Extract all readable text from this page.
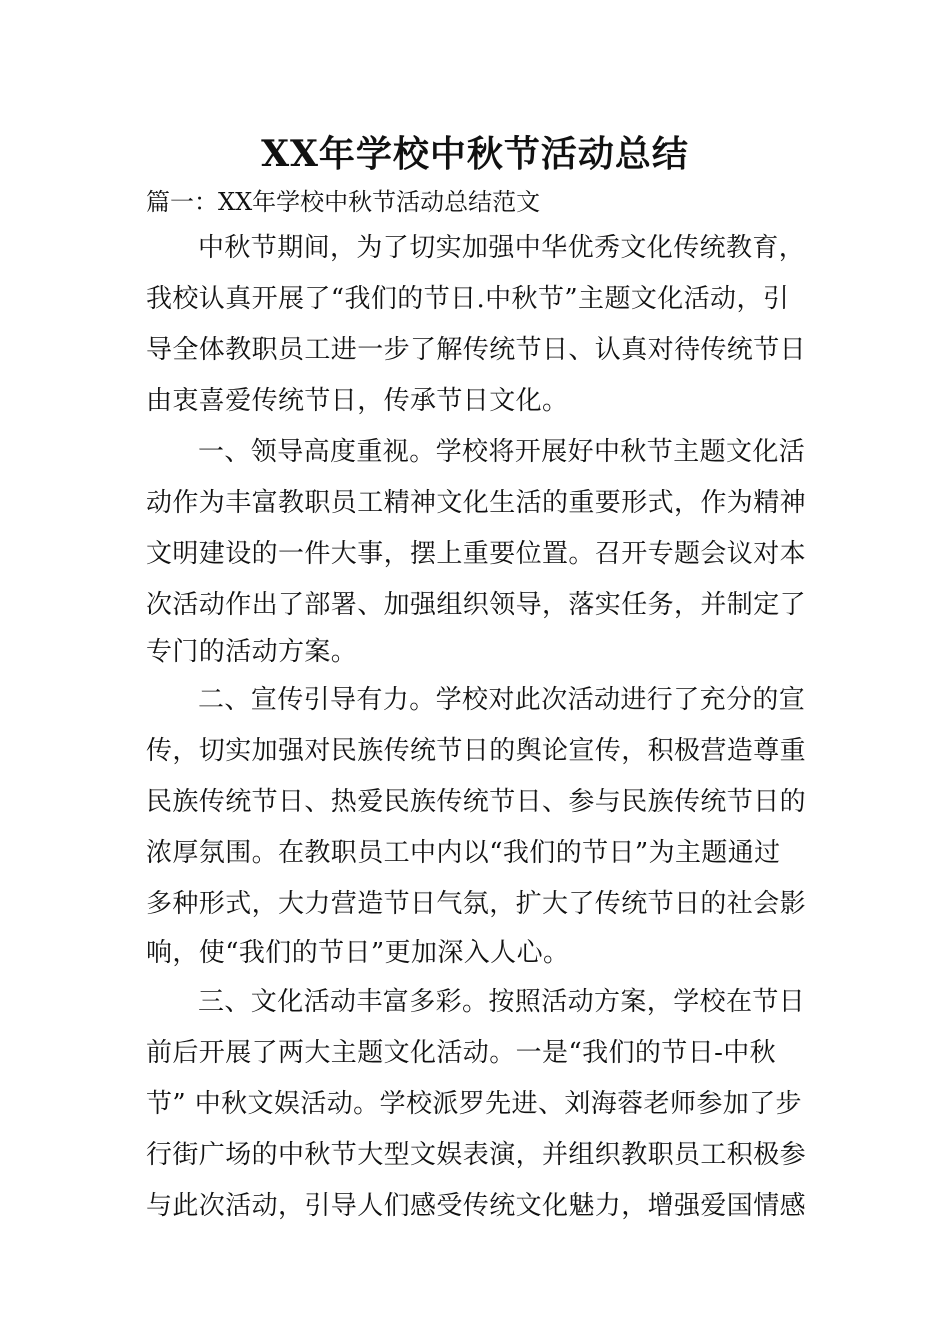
XX年学校中秋节活动总结
篇一：XX年学校中秋节活动总结范文
中秋节期间，为了切实加强中华优秀文化传统教育，
我校认真开展了“我们的节日.中秋节”主题文化活动，引
导全体教职员工进一步了解传统节日、认真对待传统节日
由衷喜爱传统节日，传承节日文化。
一、领导高度重视。学校将开展好中秋节主题文化活
动作为丰富教职员工精神文化生活的重要形式，作为精神
文明建设的一件大事，摆上重要位置。召开专题会议对本
次活动作出了部署、加强组织领导，落实任务，并制定了
专门的活动方案。
二、宣传引导有力。学校对此次活动进行了充分的宣
传，切实加强对民族传统节日的舆论宣传，积极营造尊重
民族传统节日、热爱民族传统节日、参与民族传统节日的
浓厚氛围。在教职员工中内以“我们的节日”为主题通过
多种形式，大力营造节日气氛，扩大了传统节日的社会影
响，使“我们的节日”更加深入人心。
三、文化活动丰富多彩。按照活动方案，学校在节日
前后开展了两大主题文化活动。一是“我们的节日-中秋
节” 中秋文娱活动。学校派罗先进、刘海蓉老师参加了步
行街广场的中秋节大型文娱表演，并组织教职员工积极参
与此次活动，引导人们感受传统文化魅力，增强爱国情感
